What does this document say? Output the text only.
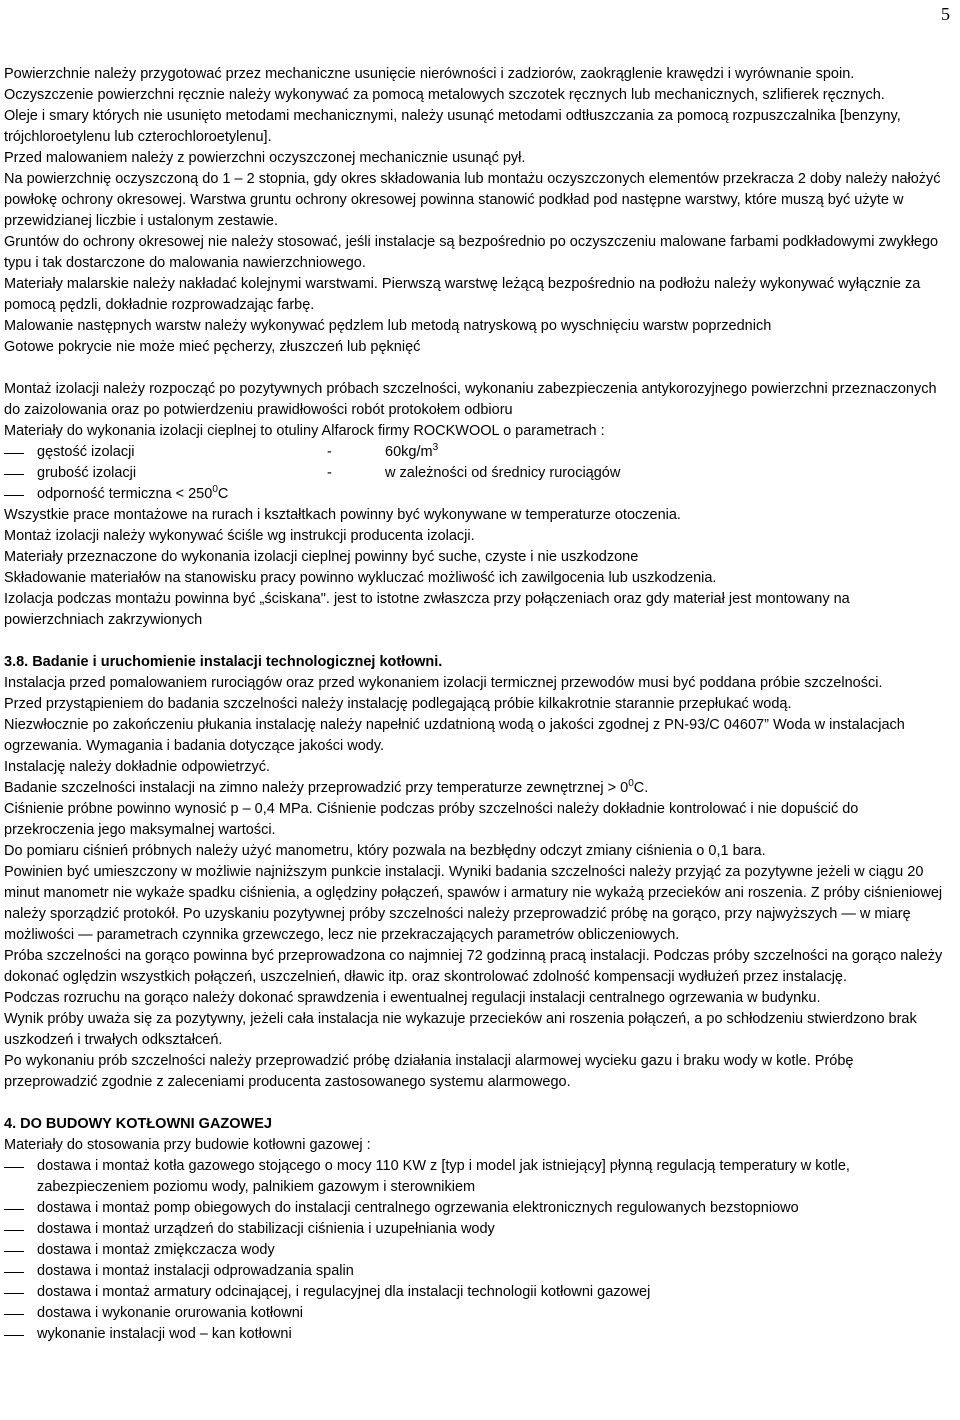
5

Powierzchnie należy przygotować przez mechaniczne usunięcie nierówności i zadziorów, zaokrąglenie krawędzi i wyrównanie spoin.

Oczyszczenie powierzchni ręcznie należy wykonywać za pomocą metalowych szczotek ręcznych lub mechanicznych, szlifierek ręcznych.

Oleje i smary których nie usunięto metodami mechanicznymi, należy usunąć metodami odtłuszczania za pomocą rozpuszczalnika [benzyny, trójchloroetylenu lub czterochloroetylenu].

Przed malowaniem należy z powierzchni oczyszczonej mechanicznie usunąć pył.

Na powierzchnię oczyszczoną do 1 – 2 stopnia, gdy okres składowania lub montażu oczyszczonych elementów przekracza 2 doby należy nałożyć powłokę ochrony okresowej. Warstwa gruntu ochrony okresowej powinna stanowić podkład pod następne warstwy, które muszą być użyte w przewidzianej liczbie i ustalonym zestawie.

Gruntów do ochrony okresowej nie należy stosować, jeśli instalacje są bezpośrednio po oczyszczeniu malowane farbami podkładowymi zwykłego typu i tak dostarczone do malowania nawierzchniowego.

Materiały malarskie należy nakładać kolejnymi warstwami. Pierwszą warstwę leżącą bezpośrednio na podłożu należy wykonywać wyłącznie za pomocą pędzli, dokładnie rozprowadzając farbę.

Malowanie następnych warstw należy wykonywać pędzlem lub metodą natryskową po wyschnięciu warstw poprzednich

Gotowe pokrycie nie może mieć pęcherzy, złuszczeń lub pęknięć

Montaż izolacji należy rozpocząć po pozytywnych próbach szczelności, wykonaniu zabezpieczenia antykorozyjnego powierzchni przeznaczonych do zaizolowania oraz po potwierdzeniu prawidłowości robót protokołem odbioru

Materiały do wykonania izolacji cieplnej to otuliny Alfarock firmy ROCKWOOL o parametrach :

gęstość izolacji	-	$60kg/m^3$
grubość izolacji	-	w zależności od średnicy rurociągów
odporność termiczna < $250^0C$

Wszystkie prace montażowe na rurach i kształtkach powinny być wykonywane w temperaturze otoczenia.

Montaż izolacji należy wykonywać ściśle wg instrukcji producenta izolacji.

Materiały przeznaczone do wykonania izolacji cieplnej powinny być suche, czyste i nie uszkodzone

Składowanie materiałów na stanowisku pracy powinno wykluczać możliwość ich zawilgocenia lub uszkodzenia.

Izolacja podczas montażu powinna być „ściskana". jest to istotne zwłaszcza przy połączeniach oraz gdy materiał jest montowany na powierzchniach zakrzywionych

3.8. Badanie i uruchomienie instalacji technologicznej kotłowni.

Instalacja przed pomalowaniem rurociągów oraz przed wykonaniem izolacji termicznej przewodów musi być poddana próbie szczelności.

Przed przystąpieniem do badania szczelności należy instalację podlegającą próbie kilkakrotnie starannie przepłukać wodą.

Niezwłocznie po zakończeniu płukania instalację należy napełnić uzdatnioną wodą o jakości zgodnej z PN-93/C 04607” Woda w instalacjach ogrzewania. Wymagania i badania dotyczące jakości wody.

Instalację należy dokładnie odpowietrzyć.

Badanie szczelności instalacji na zimno należy przeprowadzić przy temperaturze zewnętrznej > $0^0C$.

Ciśnienie próbne powinno wynosić p – 0,4 MPa. Ciśnienie podczas próby szczelności należy dokładnie kontrolować i nie dopuścić do przekroczenia jego maksymalnej wartości.

Do pomiaru ciśnień próbnych należy użyć manometru, który pozwala na bezbłędny odczyt zmiany ciśnienia o 0,1 bara.

Powinien być umieszczony w możliwie najniższym punkcie instalacji. Wyniki badania szczelności należy przyjąć za pozytywne jeżeli w ciągu 20 minut manometr nie wykaże spadku ciśnienia, a oględziny połączeń, spawów i armatury nie wykażą przecieków ani roszenia. Z próby ciśnieniowej należy sporządzić protokół. Po uzyskaniu pozytywnej próby szczelności należy przeprowadzić próbę na gorąco, przy najwyższych — w miarę możliwości — parametrach czynnika grzewczego, lecz nie przekraczających parametrów obliczeniowych.

Próba szczelności na gorąco powinna być przeprowadzona co najmniej 72 godzinną pracą instalacji. Podczas próby szczelności na gorąco należy dokonać oględzin wszystkich połączeń, uszczelnień, dławic itp. oraz skontrolować zdolność kompensacji wydłużeń przez instalację.

Podczas rozruchu na gorąco należy dokonać sprawdzenia i ewentualnej regulacji instalacji centralnego ogrzewania w budynku.

Wynik próby uważa się za pozytywny, jeżeli cała instalacja nie wykazuje przecieków ani roszenia połączeń, a po schłodzeniu stwierdzono brak uszkodzeń i trwałych odkształceń.

Po wykonaniu prób szczelności należy przeprowadzić próbę działania instalacji alarmowej wycieku gazu i braku wody w kotle. Próbę przeprowadzić zgodnie z zaleceniami producenta zastosowanego systemu alarmowego.

4. DO BUDOWY KOTŁOWNI GAZOWEJ

Materiały do stosowania przy budowie kotłowni gazowej :

dostawa i montaż kotła gazowego stojącego o mocy 110 KW z [typ i model jak istniejący] płynną regulacją temperatury w kotle, zabezpieczeniem poziomu wody, palnikiem gazowym i sterownikiem
dostawa i montaż pomp obiegowych do instalacji centralnego ogrzewania elektronicznych regulowanych bezstopniowo
dostawa i montaż urządzeń do stabilizacji ciśnienia i uzupełniania wody
dostawa i montaż zmiękczacza wody
dostawa i montaż instalacji odprowadzania spalin
dostawa i montaż armatury odcinającej, i regulacyjnej dla instalacji technologii kotłowni gazowej
dostawa i wykonanie orurowania kotłowni
wykonanie instalacji wod – kan kotłowni
